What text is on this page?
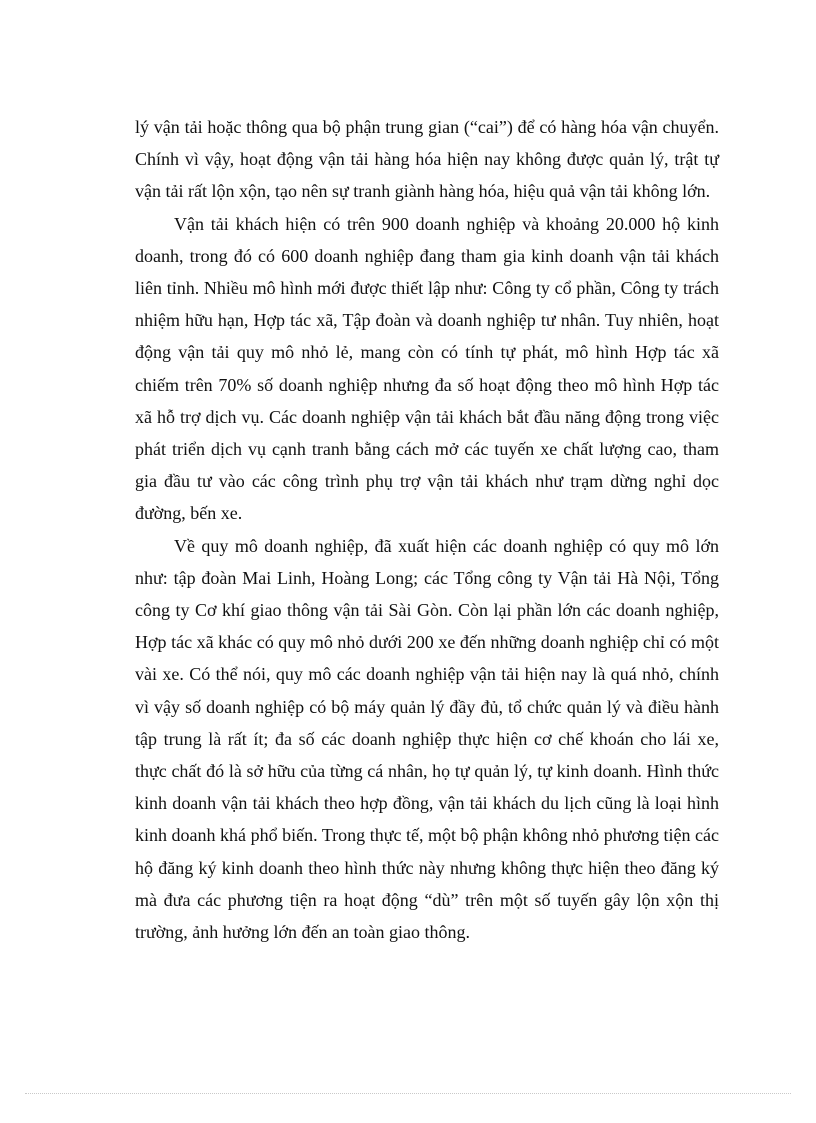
lý vận tải hoặc thông qua bộ phận trung gian (“cai”) để có hàng hóa vận chuyển. Chính vì vậy, hoạt động vận tải hàng hóa hiện nay không được quản lý, trật tự vận tải rất lộn xộn, tạo nên sự tranh giành hàng hóa, hiệu quả vận tải không lớn.

Vận tải khách hiện có trên 900 doanh nghiệp và khoảng 20.000 hộ kinh doanh, trong đó có 600 doanh nghiệp đang tham gia kinh doanh vận tải khách liên tỉnh. Nhiều mô hình mới được thiết lập như: Công ty cổ phần, Công ty trách nhiệm hữu hạn, Hợp tác xã, Tập đoàn và doanh nghiệp tư nhân. Tuy nhiên, hoạt động vận tải quy mô nhỏ lẻ, mang còn có tính tự phát, mô hình Hợp tác xã chiếm trên 70% số doanh nghiệp nhưng đa số hoạt động theo mô hình Hợp tác xã hỗ trợ dịch vụ. Các doanh nghiệp vận tải khách bắt đầu năng động trong việc phát triển dịch vụ cạnh tranh bằng cách mở các tuyến xe chất lượng cao, tham gia đầu tư vào các công trình phụ trợ vận tải khách như trạm dừng nghỉ dọc đường, bến xe.

Về quy mô doanh nghiệp, đã xuất hiện các doanh nghiệp có quy mô lớn như: tập đoàn Mai Linh, Hoàng Long; các Tổng công ty Vận tải Hà Nội, Tổng công ty Cơ khí giao thông vận tải Sài Gòn. Còn lại phần lớn các doanh nghiệp, Hợp tác xã khác có quy mô nhỏ dưới 200 xe đến những doanh nghiệp chỉ có một vài xe. Có thể nói, quy mô các doanh nghiệp vận tải hiện nay là quá nhỏ, chính vì vậy số doanh nghiệp có bộ máy quản lý đầy đủ, tổ chức quản lý và điều hành tập trung là rất ít; đa số các doanh nghiệp thực hiện cơ chế khoán cho lái xe, thực chất đó là sở hữu của từng cá nhân, họ tự quản lý, tự kinh doanh. Hình thức kinh doanh vận tải khách theo hợp đồng, vận tải khách du lịch cũng là loại hình kinh doanh khá phổ biến. Trong thực tế, một bộ phận không nhỏ phương tiện các hộ đăng ký kinh doanh theo hình thức này nhưng không thực hiện theo đăng ký mà đưa các phương tiện ra hoạt động “dù” trên một số tuyến gây lộn xộn thị trường, ảnh hưởng lớn đến an toàn giao thông.
